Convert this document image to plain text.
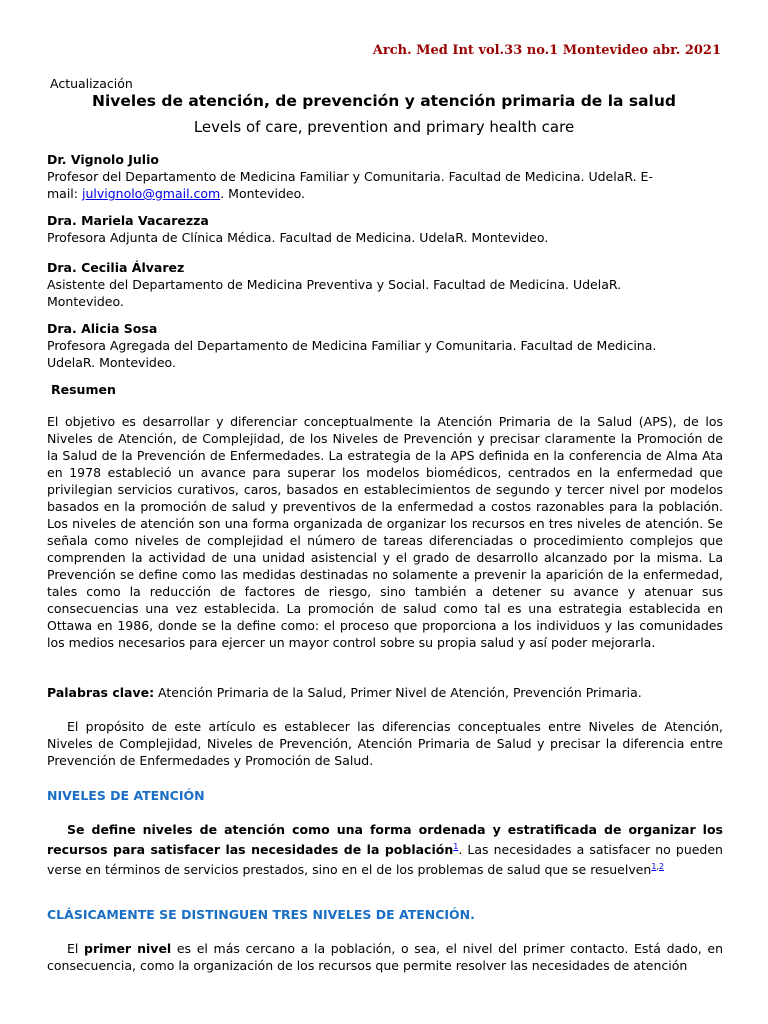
Arch. Med Int vol.33 no.1 Montevideo abr. 2021
Actualización
Niveles de atención, de prevención y atención primaria de la salud
Levels of care, prevention and primary health care
Dr. Vignolo Julio
Profesor del Departamento de Medicina Familiar y Comunitaria. Facultad de Medicina. UdelaR. E-
mail: julvignolo@gmail.com. Montevideo.
Dra. Mariela Vacarezza
Profesora Adjunta de Clínica Médica. Facultad de Medicina. UdelaR. Montevideo.
Dra. Cecilia Álvarez
Asistente del Departamento de Medicina Preventiva y Social. Facultad de Medicina. UdelaR.
Montevideo.
Dra. Alicia Sosa
Profesora Agregada del Departamento de Medicina Familiar y Comunitaria. Facultad de Medicina.
UdelaR. Montevideo.
Resumen
El objetivo es desarrollar y diferenciar conceptualmente la Atención Primaria de la Salud (APS), de los Niveles de Atención, de Complejidad, de los Niveles de Prevención y precisar claramente la Promoción de la Salud de la Prevención de Enfermedades. La estrategia de la APS definida en la conferencia de Alma Ata en 1978 estableció un avance para superar los modelos biomédicos, centrados en la enfermedad que privilegian servicios curativos, caros, basados en establecimientos de segundo y tercer nivel por modelos basados en la promoción de salud y preventivos de la enfermedad a costos razonables para la población. Los niveles de atención son una forma organizada de organizar los recursos en tres niveles de atención. Se señala como niveles de complejidad el número de tareas diferenciadas o procedimiento complejos que comprenden la actividad de una unidad asistencial y el grado de desarrollo alcanzado por la misma. La Prevención se define como las medidas destinadas no solamente a prevenir la aparición de la enfermedad, tales como la reducción de factores de riesgo, sino también a detener su avance y atenuar sus consecuencias una vez establecida. La promoción de salud como tal es una estrategia establecida en Ottawa en 1986, donde se la define como: el proceso que proporciona a los individuos y las comunidades los medios necesarios para ejercer un mayor control sobre su propia salud y así poder mejorarla.
Palabras clave: Atención Primaria de la Salud, Primer Nivel de Atención, Prevención Primaria.
El propósito de este artículo es establecer las diferencias conceptuales entre Niveles de Atención, Niveles de Complejidad, Niveles de Prevención, Atención Primaria de Salud y precisar la diferencia entre Prevención de Enfermedades y Promoción de Salud.
NIVELES DE ATENCIÓN
Se define niveles de atención como una forma ordenada y estratificada de organizar los recursos para satisfacer las necesidades de la población$^1$. Las necesidades a satisfacer no pueden verse en términos de servicios prestados, sino en el de los problemas de salud que se resuelven$^{1,2}$
CLÁSICAMENTE SE DISTINGUEN TRES NIVELES DE ATENCIÓN.
El primer nivel es el más cercano a la población, o sea, el nivel del primer contacto. Está dado, en consecuencia, como la organización de los recursos que permite resolver las necesidades de atención
